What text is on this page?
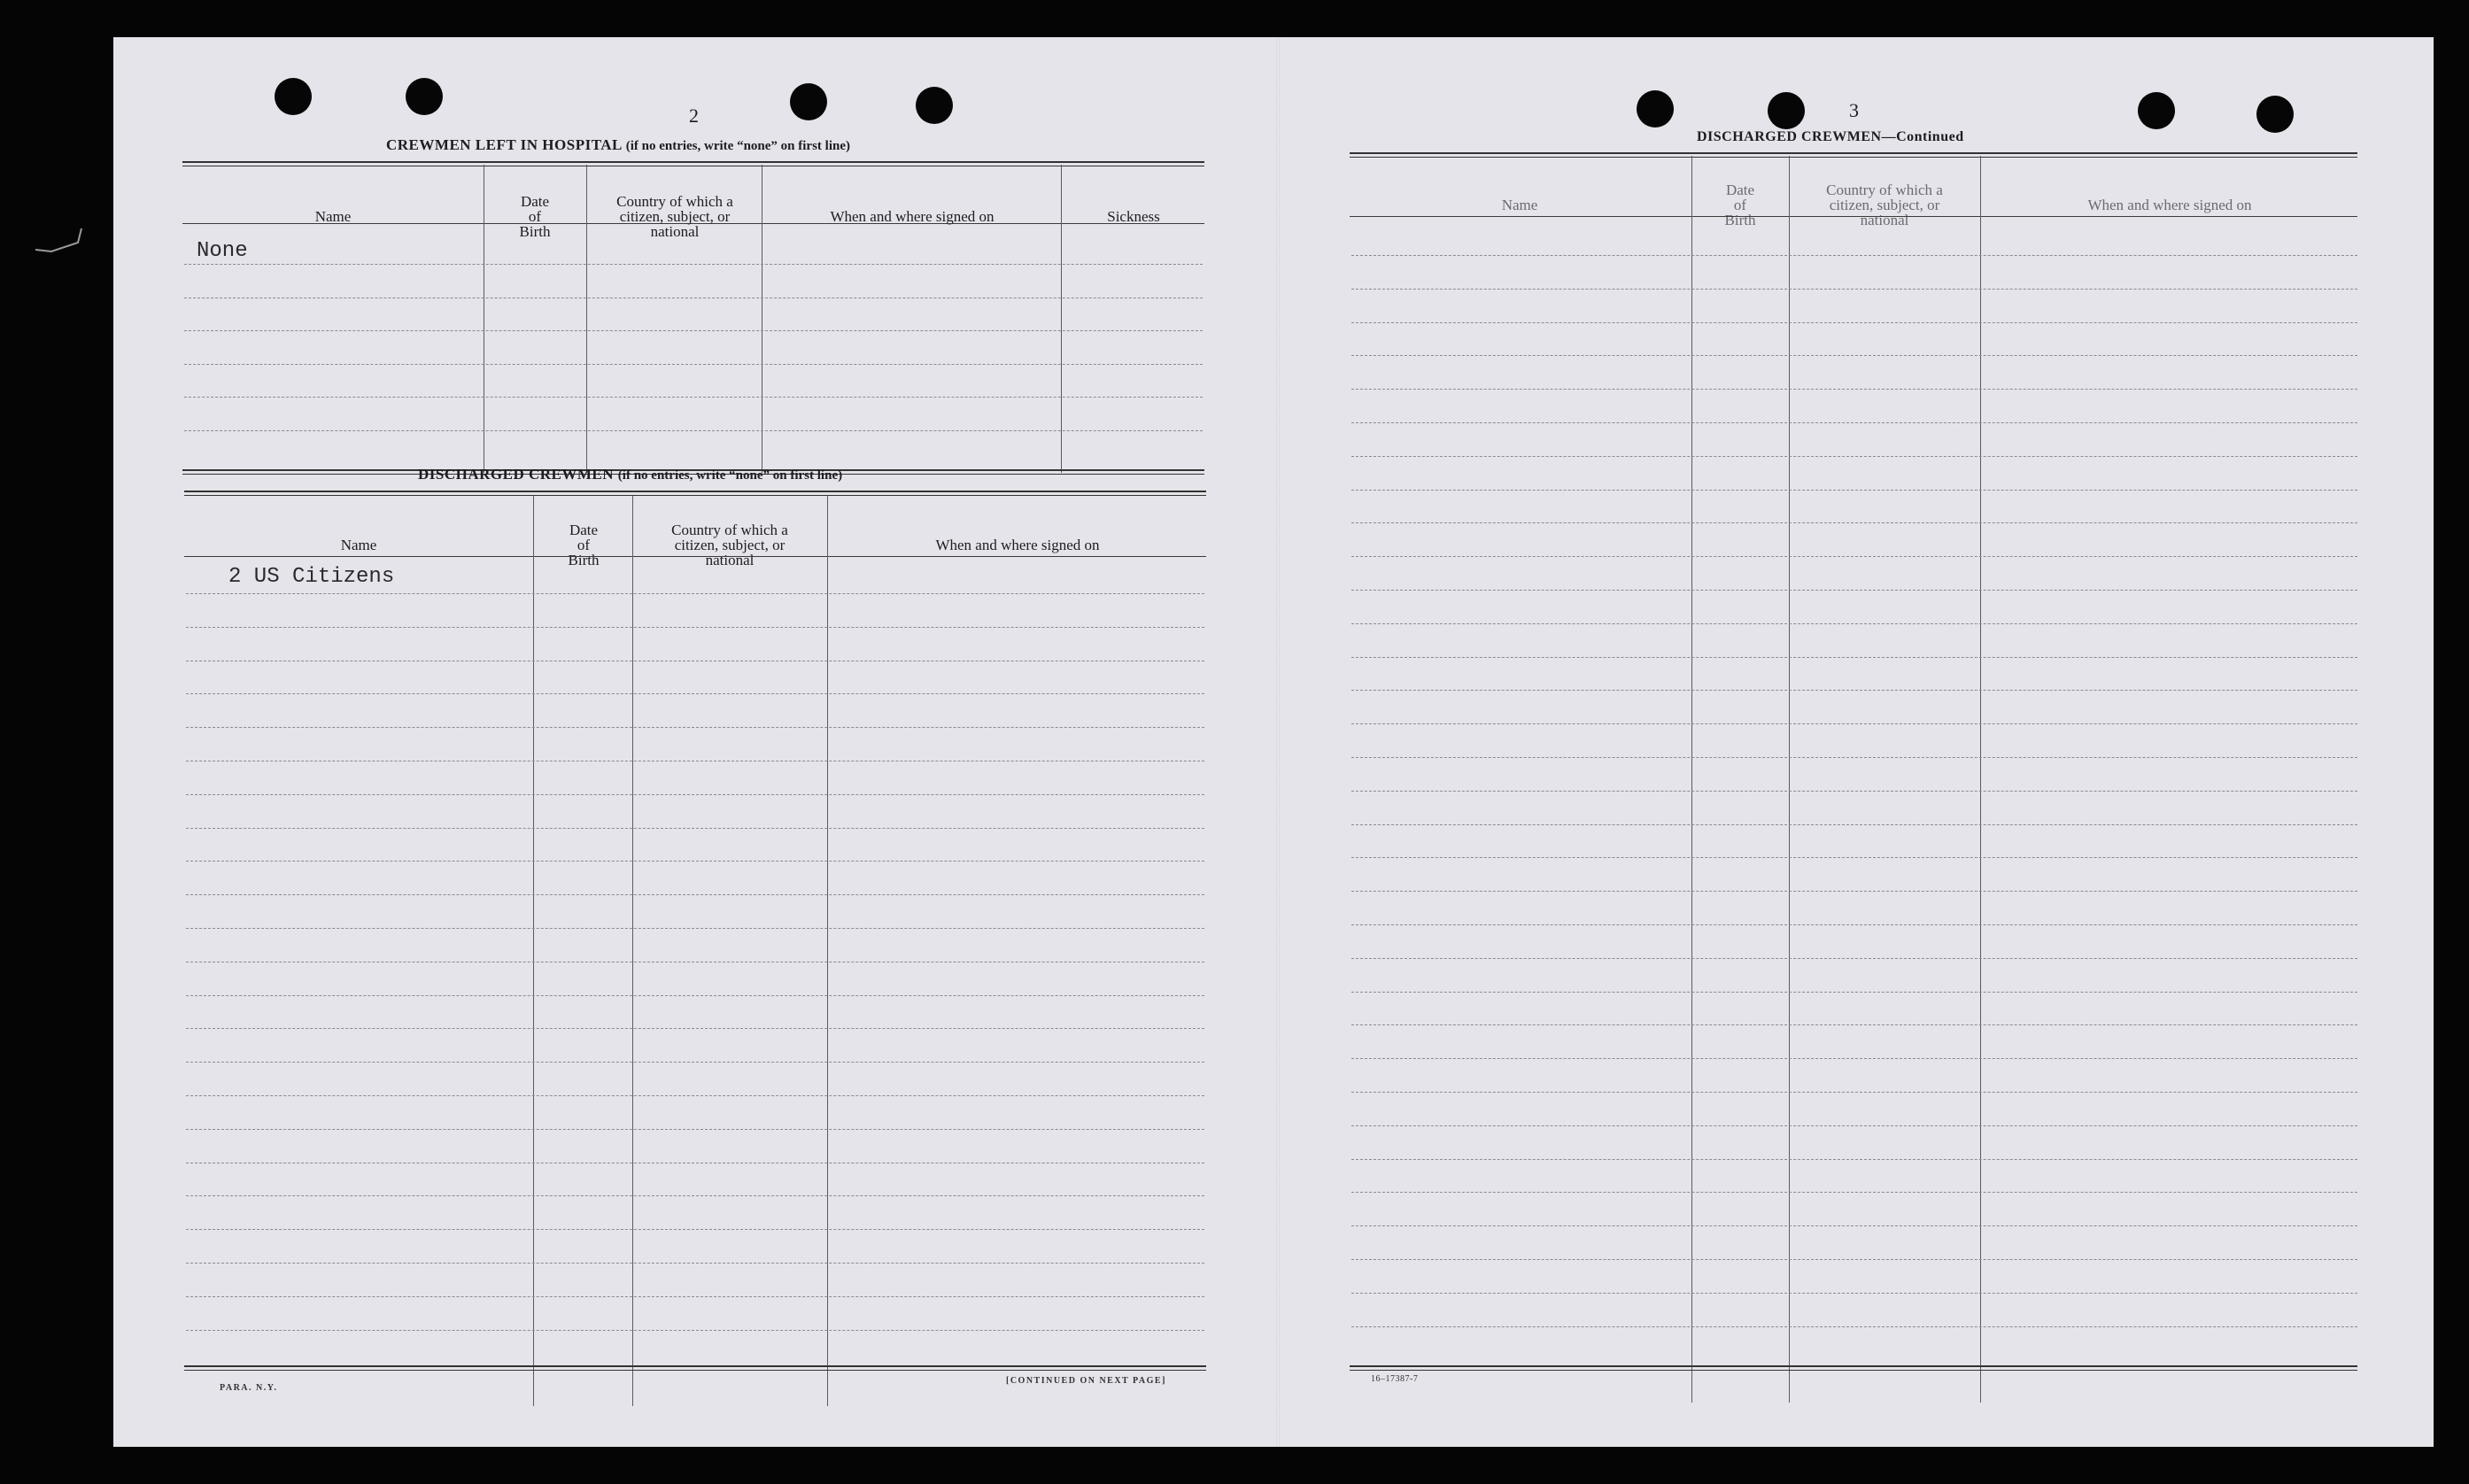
2
CREWMEN LEFT IN HOSPITAL (if no entries, write “none” on first line)
Name
Date
of
Birth
Country of which a
citizen, subject, or
national
When and where signed on	Sickness
None
DISCHARGED CREWMEN (if no entries, write “none” on first line)
Name
Date
of
Birth
Country of which a
citizen, subject, or
national
When and where signed on
2 US Citizens
PARA. N.Y.
[CONTINUED ON NEXT PAGE]
3
DISCHARGED CREWMEN—Continued
Name
Date
of
Birth
Country of which a
citizen, subject, or
national
When and where signed on
16–17387-7
